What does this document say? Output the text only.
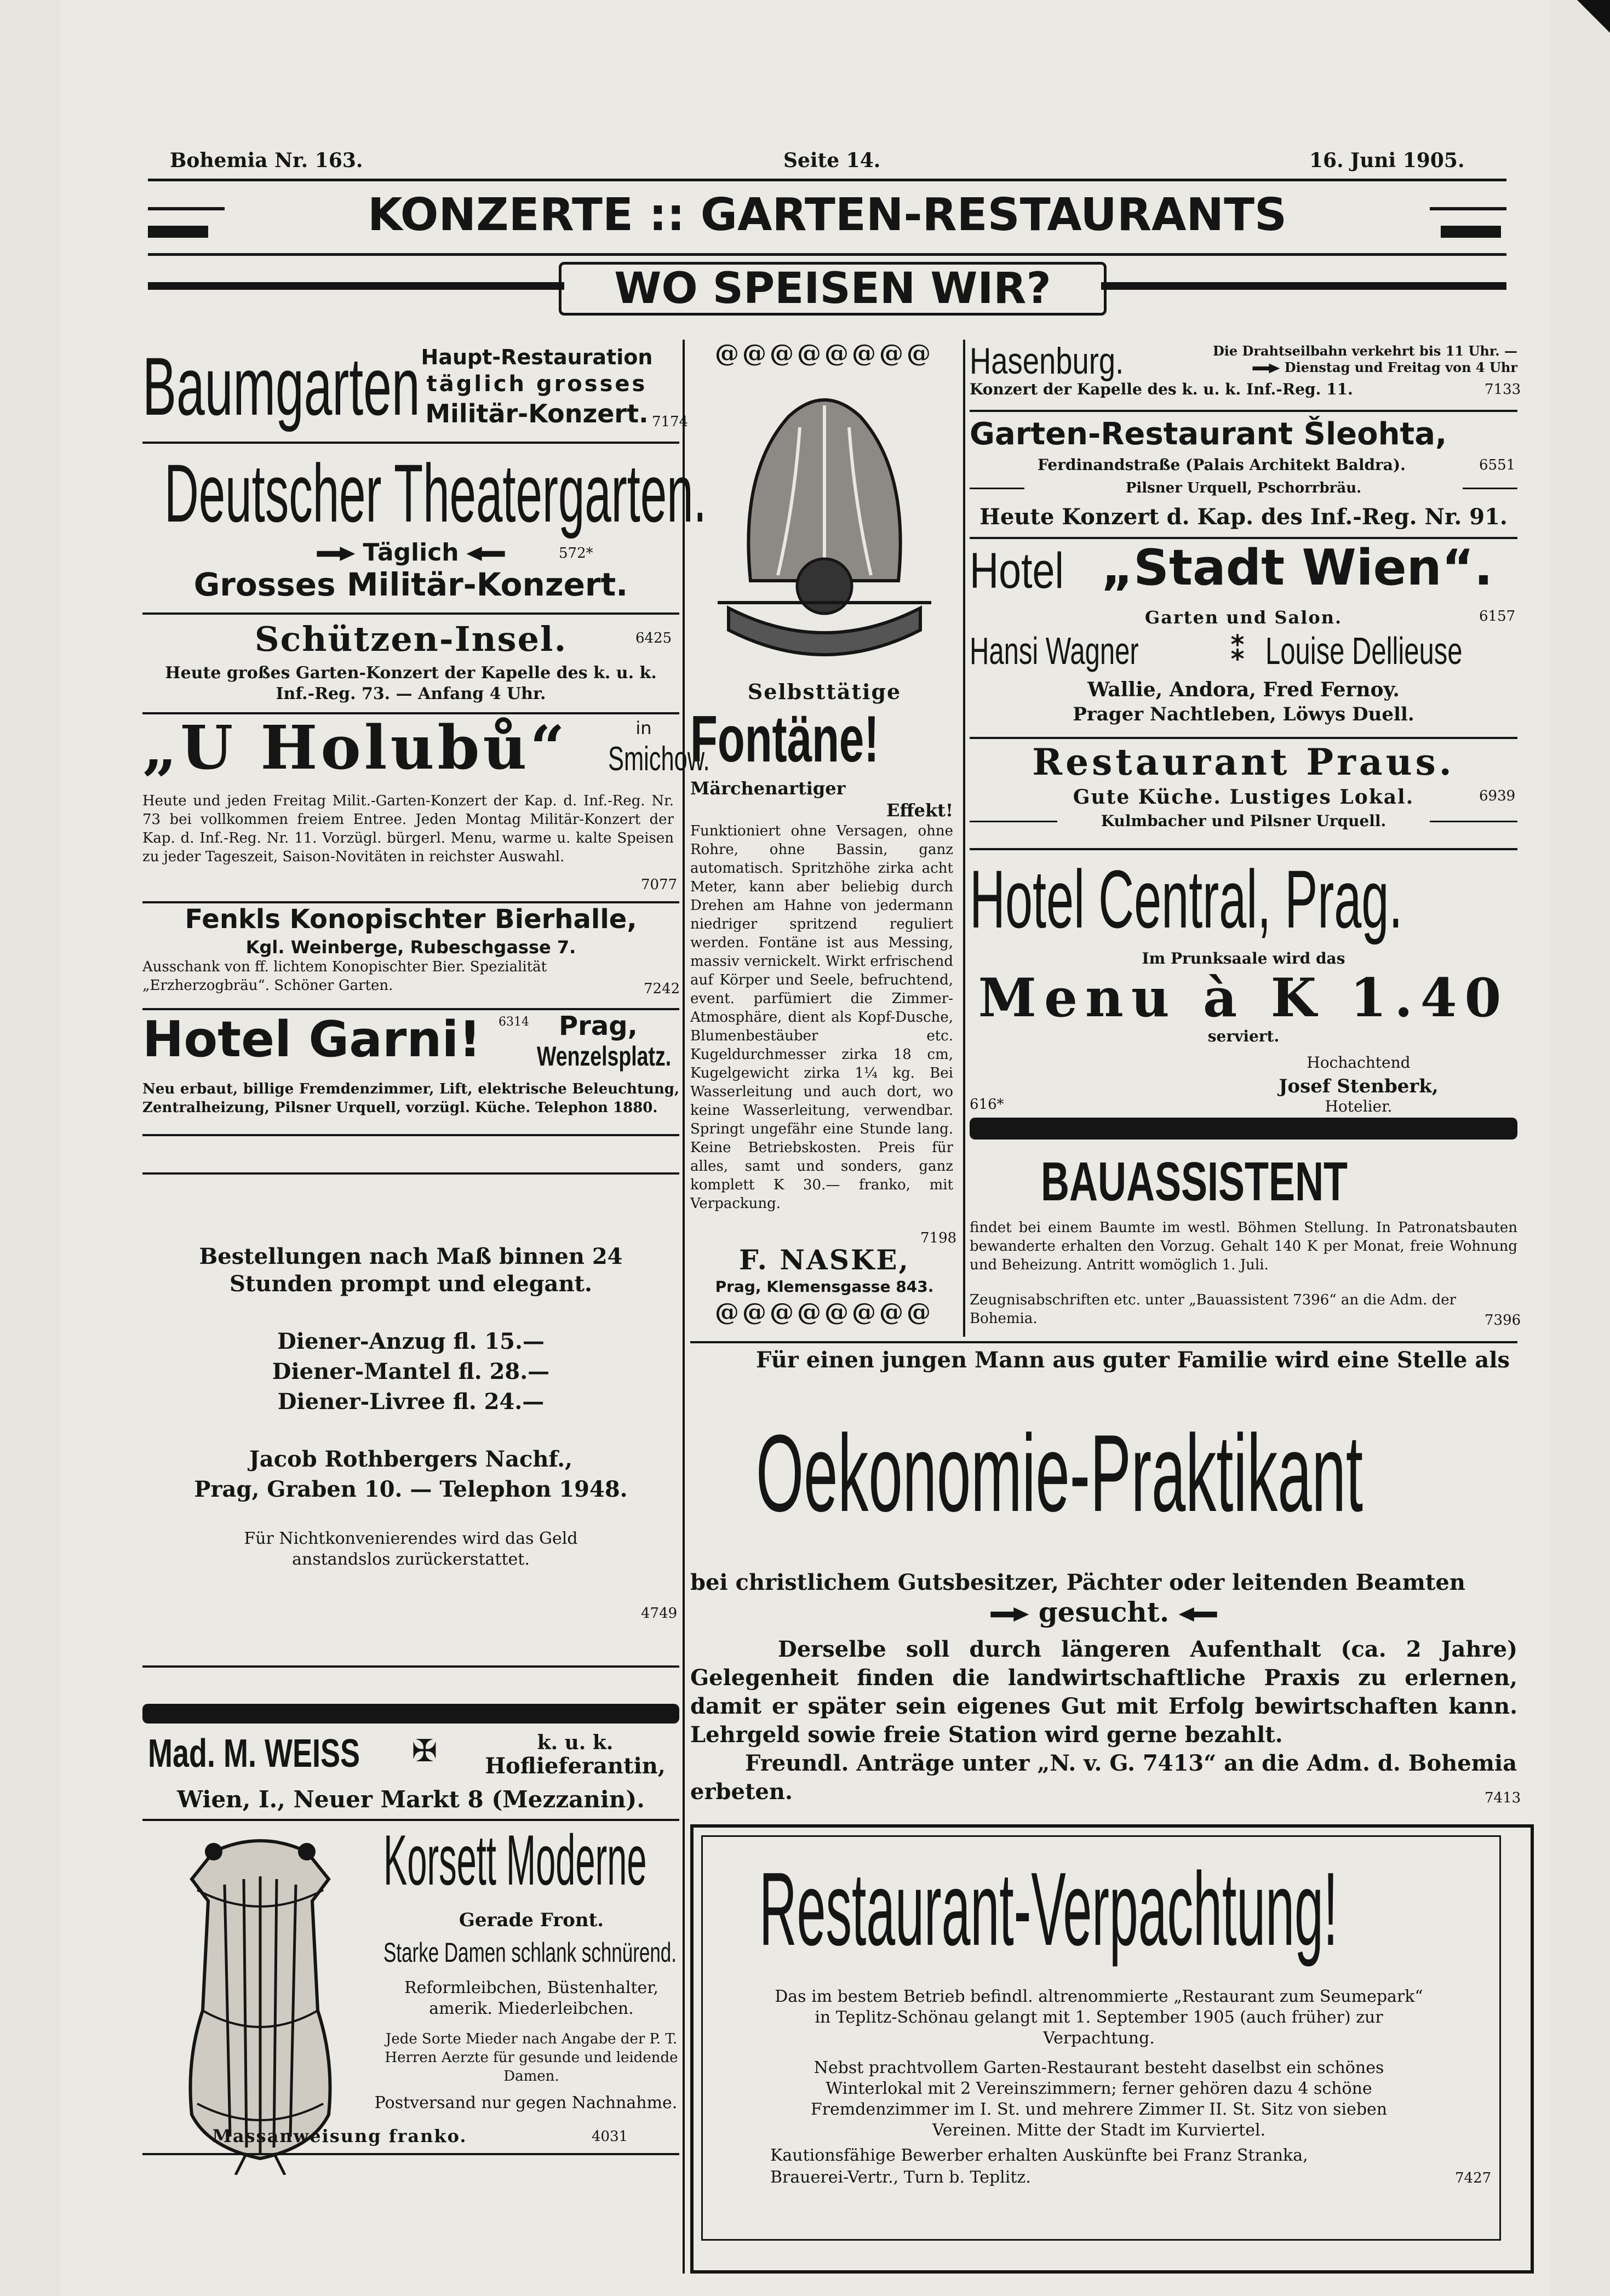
Bohemia Nr. 163.	Seite 14.	16. Juni 1905.
KONZERTE :: GARTEN-RESTAURANTS
WO SPEISEN WIR?
Baumgarten Haupt-Restauration
täglich grosses
Militär-Konzert. 7174
Deutscher Theatergarten.
Täglich	572*
Grosses Militär-Konzert.
Schützen-Insel.	6425
Heute großes Garten-Konzert der Kapelle des k. u. k. Inf.-Reg. 73. — Anfang 4 Uhr.
„U Holubů“	in
Smichow.
Heute und jeden Freitag Milit.-Garten-Konzert der Kap. d. Inf.-Reg. Nr. 73 bei vollkommen freiem Entree. Jeden Montag Militär-Konzert der Kap. d. Inf.-Reg. Nr. 11. Vorzügl. bürgerl. Menu, warme u. kalte Speisen zu jeder Tageszeit, Saison-Novitäten in reichster Auswahl.
7077
Fenkls Konopischter Bierhalle,
Kgl. Weinberge, Rubeschgasse 7.
Ausschank von ff. lichtem Konopischter Bier. Spezialität „Erzherzogbräu“. Schöner Garten.	7242
Hotel Garni! 6314 Prag,
Wenzelsplatz.
Neu erbaut, billige Fremdenzimmer, Lift, elektrische Beleuchtung, Zentralheizung, Pilsner Urquell, vorzügl. Küche. Telephon 1880.
Bestellungen nach Maß binnen 24
Stunden prompt und elegant.
Diener-Anzug fl. 15.—
Diener-Mantel fl. 28.—
Diener-Livree fl. 24.—
Jacob Rothbergers Nachf.,
Prag, Graben 10. — Telephon 1948.
Für Nichtkonvenierendes wird das Geld anstandslos zurückerstattet.
4749
Mad. M. WEISS ✠	k. u. k.
Hoflieferantin,
Wien, I., Neuer Markt 8 (Mezzanin).
Korsett Moderne
Gerade Front.
Starke Damen schlank schnürend.
Reformleibchen, Büstenhalter, amerik. Miederleibchen.
Jede Sorte Mieder nach Angabe der P. T. Herren Aerzte für gesunde und leidende Damen.
Postversand nur gegen Nachnahme.
Massanweisung franko.	4031
@@@@@@@@
Selbsttätige
Fontäne!
Märchenartiger
Effekt!
Funktioniert ohne Versagen, ohne Rohre, ohne Bassin, ganz automatisch. Spritzhöhe zirka acht Meter, kann aber beliebig durch Drehen am Hahne von jedermann niedriger spritzend reguliert werden. Fontäne ist aus Messing, massiv vernickelt. Wirkt erfrischend auf Körper und Seele, befruchtend, event. parfümiert die Zimmer-Atmosphäre, dient als Kopf-Dusche, Blumenbestäuber etc. Kugeldurchmesser zirka 18 cm, Kugelgewicht zirka 1¼ kg. Bei Wasserleitung und auch dort, wo keine Wasserleitung, verwendbar. Springt ungefähr eine Stunde lang. Keine Betriebskosten. Preis für alles, samt und sonders, ganz komplett K 30.— franko, mit Verpackung.
7198
F. NASKE,
Prag, Klemensgasse 843.
@@@@@@@@
Hasenburg.	Die Drahtseilbahn verkehrt bis 11 Uhr. —
Dienstag und Freitag von 4 Uhr
Konzert der Kapelle des k. u. k. Inf.-Reg. 11.	7133
Garten-Restaurant Šleohta,
Ferdinandstraße (Palais Architekt Baldra).	6551
Pilsner Urquell, Pschorrbräu.
Heute Konzert d. Kap. des Inf.-Reg. Nr. 91.
Hotel „Stadt Wien“.
Garten und Salon.	6157
Hansi Wagner	⁑ Louise Dellieuse
Wallie, Andora, Fred Fernoy.
Prager Nachtleben, Löwys Duell.
Restaurant Praus.
Gute Küche. Lustiges Lokal.	6939
Kulmbacher und Pilsner Urquell.
Hotel Central, Prag.
Im Prunksaale wird das
Menu à K 1.40
serviert.
Hochachtend
Josef Stenberk,
Hotelier.
616*
BAUASSISTENT
findet bei einem Baumte im westl. Böhmen Stellung. In Patronatsbauten bewanderte erhalten den Vorzug. Gehalt 140 K per Monat, freie Wohnung und Beheizung. Antritt womöglich 1. Juli.
Zeugnisabschriften etc. unter „Bauassistent 7396“ an die Adm. der Bohemia.	7396
Für einen jungen Mann aus guter Familie wird eine Stelle als
Oekonomie-Praktikant
bei christlichem Gutsbesitzer, Pächter oder leitenden Beamten
gesucht.
Derselbe soll durch längeren Aufenthalt (ca. 2 Jahre) Gelegenheit finden die landwirtschaftliche Praxis zu erlernen, damit er später sein eigenes Gut mit Erfolg bewirtschaften kann. Lehrgeld sowie freie Station wird gerne bezahlt.
Freundl. Anträge unter „N. v. G. 7413“ an die Adm. d. Bohemia erbeten.	7413
Restaurant-Verpachtung!
Das im bestem Betrieb befindl. altrenommierte „Restaurant zum Seumepark“ in Teplitz-Schönau gelangt mit 1. September 1905 (auch früher) zur Verpachtung.
Nebst prachtvollem Garten-Restaurant besteht daselbst ein schönes Winterlokal mit 2 Vereinszimmern; ferner gehören dazu 4 schöne Fremdenzimmer im I. St. und mehrere Zimmer II. St. Sitz von sieben Vereinen. Mitte der Stadt im Kurviertel.
Kautionsfähige Bewerber erhalten Auskünfte bei Franz Stranka,
Brauerei-Vertr., Turn b. Teplitz.	7427
